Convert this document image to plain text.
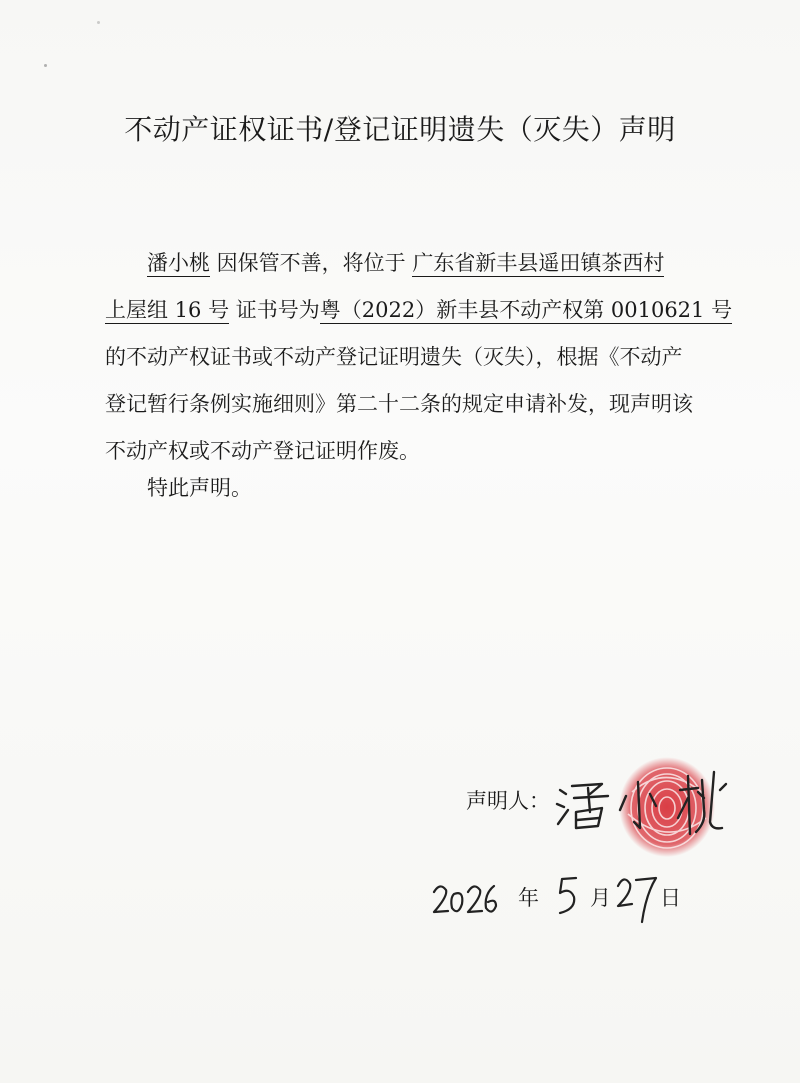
不动产证权证书/登记证明遗失（灭失）声明
潘小桃 因保管不善，将位于 广东省新丰县遥田镇茶西村
上屋组 16 号 证书号为粤（2022）新丰县不动产权第 0010621 号
的不动产权证书或不动产登记证明遗失（灭失），根据《不动产
登记暂行条例实施细则》第二十二条的规定申请补发，现声明该
不动产权或不动产登记证明作废。
特此声明。
声明人：
年 月 日
